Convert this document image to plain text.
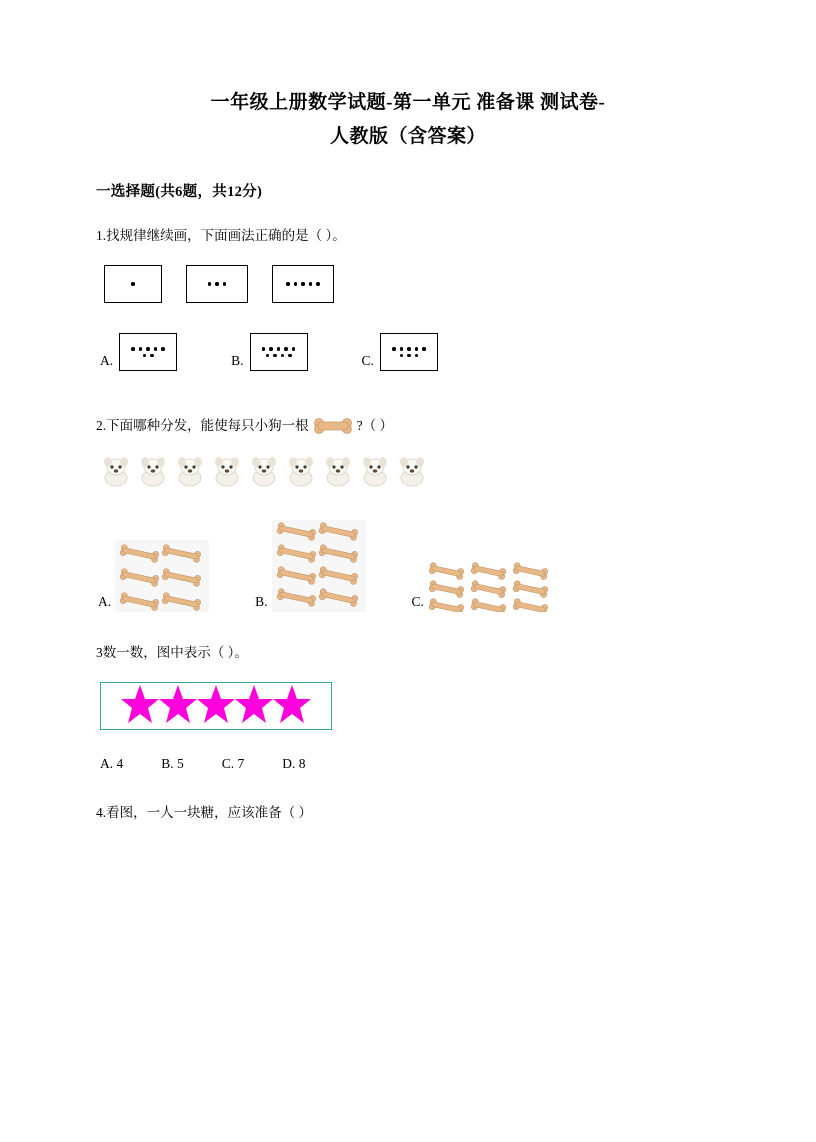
一年级上册数学试题-第一单元 准备课 测试卷-
人教版（含答案）
一选择题(共6题，共12分)
1.找规律继续画，下面画法正确的是（ ）。
A.	B.	C.
2.下面哪种分发，能使每只小狗一根	?（ ）
A.	B.	C.
3数一数，图中表示（ ）。
A. 4	B. 5	C. 7	D. 8
4.看图，一人一块糖，应该准备（ ）
